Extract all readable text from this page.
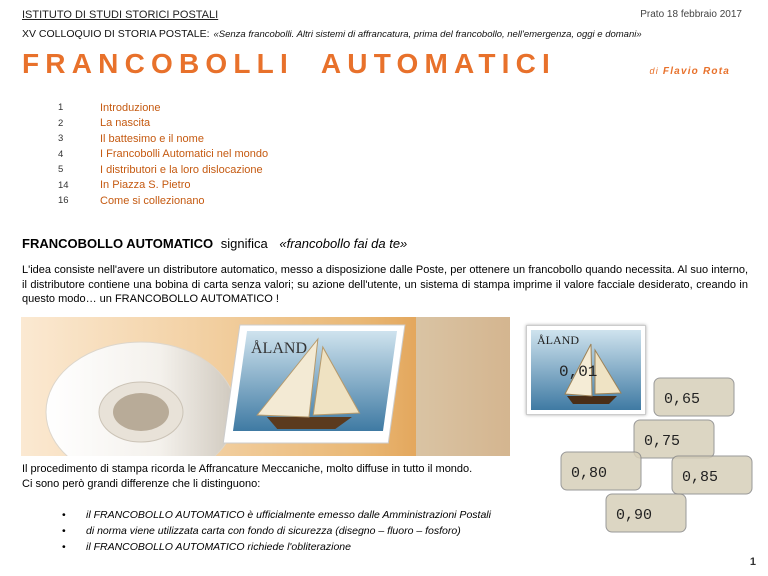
ISTITUTO DI STUDI STORICI POSTALI	Prato 18 febbraio 2017
XV COLLOQUIO DI STORIA POSTALE: «Senza francobolli. Altri sistemi di affrancatura, prima del francobollo, nell'emergenza, oggi e domani»
FRANCOBOLLI  AUTOMATICI	di Flavio Rota
1	Introduzione
2	La nascita
3	Il battesimo e il nome
4	I Francobolli Automatici nel mondo
5	I distributori e la loro dislocazione
14	In Piazza S. Pietro
16	Come si collezionano
FRANCOBOLLO AUTOMATICO significa «francobollo fai da te»
L'idea consiste nell'avere un distributore automatico, messo a disposizione dalle Poste, per ottenere un francobollo quando necessita. Al suo interno, il distributore contiene una bobina di carta senza valori; su azione dell'utente, un sistema di stampa imprime il valore facciale desiderato, creando in questo modo… un FRANCOBOLLO AUTOMATICO !
ÅLAND	ÅLAND
0,01
0,65
0,75
0,80	0,85
0,90
Il procedimento di stampa ricorda le Affrancature Meccaniche, molto diffuse in tutto il mondo.
Ci sono però grandi differenze che li distinguono:
•	il FRANCOBOLLO AUTOMATICO è ufficialmente emesso dalle Amministrazioni Postali
•	di norma viene utilizzata carta con fondo di sicurezza (disegno – fluoro – fosforo)
•	il FRANCOBOLLO AUTOMATICO richiede l'obliterazione
1
